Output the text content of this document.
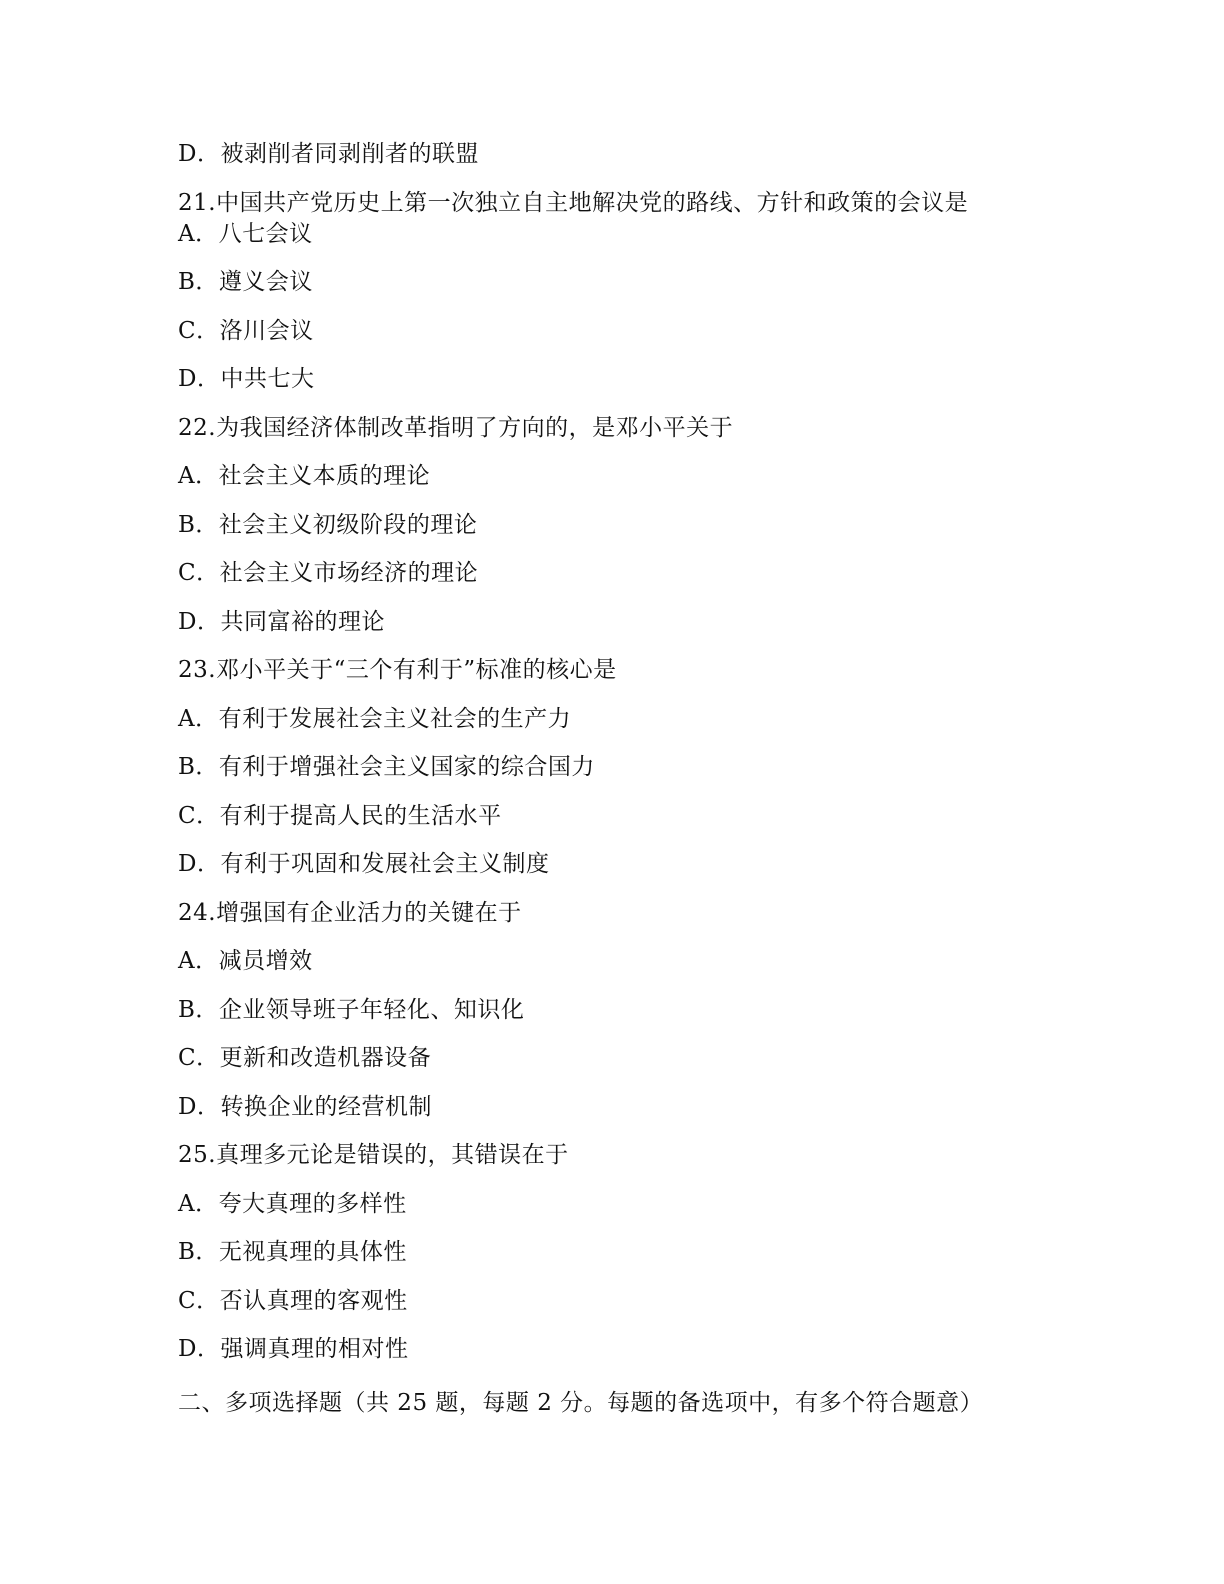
D．被剥削者同剥削者的联盟
21.中国共产党历史上第一次独立自主地解决党的路线、方针和政策的会议是
A．八七会议
B．遵义会议
C．洛川会议
D．中共七大
22.为我国经济体制改革指明了方向的，是邓小平关于
A．社会主义本质的理论
B．社会主义初级阶段的理论
C．社会主义市场经济的理论
D．共同富裕的理论
23.邓小平关于“三个有利于”标准的核心是
A．有利于发展社会主义社会的生产力
B．有利于增强社会主义国家的综合国力
C．有利于提高人民的生活水平
D．有利于巩固和发展社会主义制度
24.增强国有企业活力的关键在于
A．减员增效
B．企业领导班子年轻化、知识化
C．更新和改造机器设备
D．转换企业的经营机制
25.真理多元论是错误的，其错误在于
A．夸大真理的多样性
B．无视真理的具体性
C．否认真理的客观性
D．强调真理的相对性
二、多项选择题（共 25 题，每题 2 分。每题的备选项中，有多个符合题意）
